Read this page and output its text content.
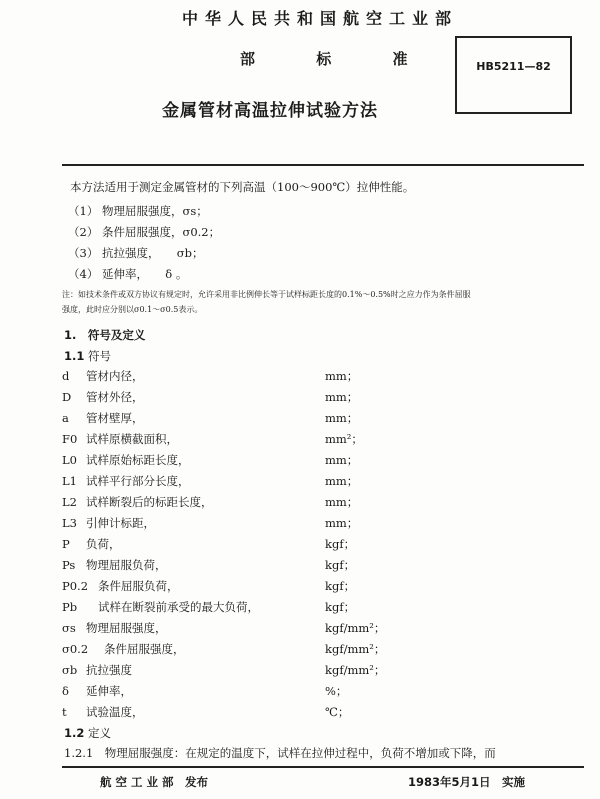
中华人民共和国航空工业部
部 标 准	HB5211—82
金属管材高温拉伸试验方法
本方法适用于测定金属管材的下列高温（100～900℃）拉伸性能。
（1） 物理屈服强度，σs；
（2） 条件屈服强度，σ0.2；
（3） 抗拉强度，　　σb；
（4） 延伸率，　　δ 。
注：如技术条件或双方协议有规定时，允许采用非比例伸长等于试样标距长度的0.1%～0.5%时之应力作为条件屈服
强度，此时应分别以σ0.1～σ0.5表示。
1.　 符号及定义
1.1 符号
d 管材内径，	mm；
D 管材外径，	mm；
a 管材壁厚，	mm；
F0 试样原横截面积，	mm²；
L0 试样原始标距长度，	mm；
L1 试样平行部分长度，	mm；
L2 试样断裂后的标距长度，	mm；
L3 引伸计标距，	mm；
P 负荷，	kgf；
Ps 物理屈服负荷，	kgf；
P0.2 条件屈服负荷，	kgf；
Pb 试样在断裂前承受的最大负荷，	kgf；
σs 物理屈服强度，	kgf/mm²；
σ0.2 条件屈服强度，	kgf/mm²；
σb 抗拉强度	kgf/mm²；
δ 延伸率，	%；
t 试验温度，	℃；
1.2 定义
1.2.1　物理屈服强度：在规定的温度下，试样在拉伸过程中，负荷不增加或下降，而
航 空 工 业 部　发布	1983年5月1日　实施
